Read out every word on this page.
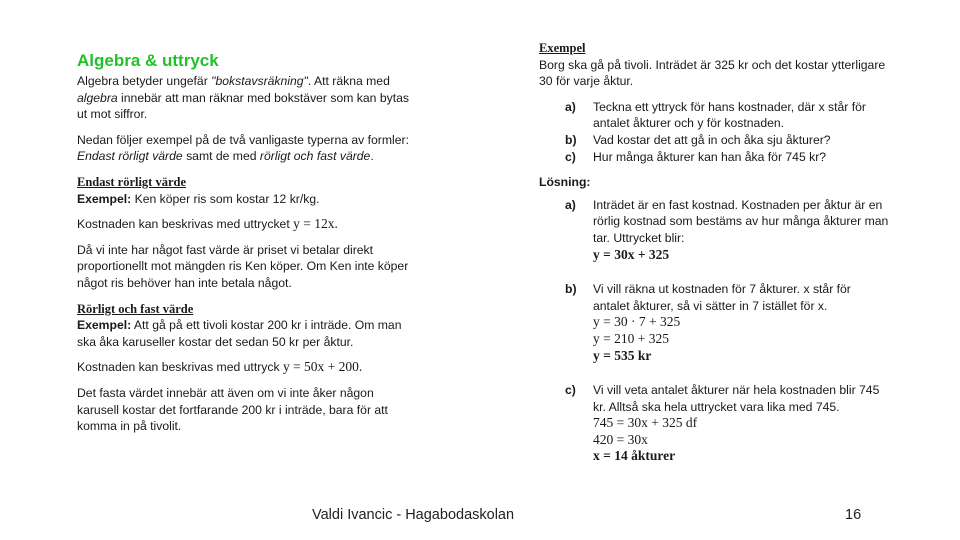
Algebra & uttryck

Algebra betyder ungefär "bokstavsräkning". Att räkna med algebra innebär att man räknar med bokstäver som kan bytas ut mot siffror.

Nedan följer exempel på de två vanligaste typerna av formler: Endast rörligt värde samt de med rörligt och fast värde.

Endast rörligt värde

Exempel: Ken köper ris som kostar 12 kr/kg.

Kostnaden kan beskrivas med uttrycket y = 12x.

Då vi inte har något fast värde är priset vi betalar direkt proportionellt mot mängden ris Ken köper. Om Ken inte köper något ris behöver han inte betala något.

Rörligt och fast värde

Exempel: Att gå på ett tivoli kostar 200 kr i inträde. Om man ska åka karuseller kostar det sedan 50 kr per åktur.

Kostnaden kan beskrivas med uttryck y = 50x + 200.

Det fasta värdet innebär att även om vi inte åker någon karusell kostar det fortfarande 200 kr i inträde, bara för att komma in på tivolit.

Exempel

Borg ska gå på tivoli. Inträdet är 325 kr och det kostar ytterligare 30 för varje åktur.

a) Teckna ett yttryck för hans kostnader, där x står för antalet åkturer och y för kostnaden.
b) Vad kostar det att gå in och åka sju åkturer?
c) Hur många åkturer kan han åka för 745 kr?

Lösning:

a) Inträdet är en fast kostnad. Kostnaden per åktur är en rörlig kostnad som bestäms av hur många åkturer man tar. Uttrycket blir:
y = 30x + 325
b) Vi vill räkna ut kostnaden för 7 åkturer. x står för antalet åkturer, så vi sätter in 7 istället för x.
y = 30 · 7 + 325
y = 210 + 325
y = 535 kr
c) Vi vill veta antalet åkturer när hela kostnaden blir 745 kr. Alltså ska hela uttrycket vara lika med 745.
745 = 30x + 325 df
420 = 30x
x = 14 åkturer
Valdi Ivancic - Hagabodaskolan	16
